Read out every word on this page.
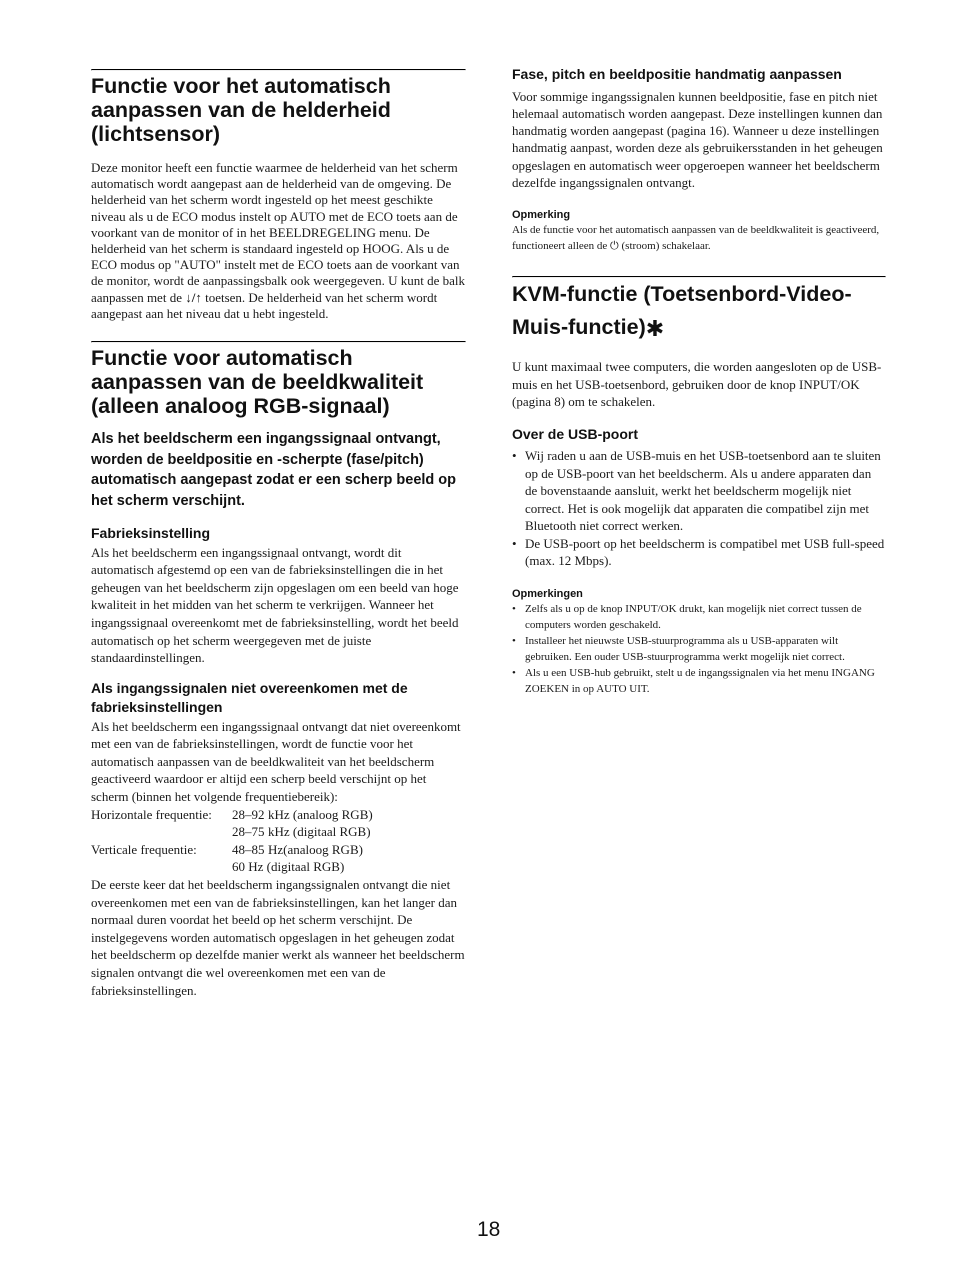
Functie voor het automatisch aanpassen van de helderheid (lichtsensor)

Deze monitor heeft een functie waarmee de helderheid van het scherm automatisch wordt aangepast aan de helderheid van de omgeving. De helderheid van het scherm wordt ingesteld op het meest geschikte niveau als u de ECO modus instelt op AUTO met de ECO toets aan de voorkant van de monitor of in het BEELDREGELING menu. De helderheid van het scherm is standaard ingesteld op HOOG. Als u de ECO modus op "AUTO" instelt met de ECO toets aan de voorkant van de monitor, wordt de aanpassingsbalk ook weergegeven. U kunt de balk aanpassen met de ↓/↑ toetsen. De helderheid van het scherm wordt aangepast aan het niveau dat u hebt ingesteld.

Functie voor automatisch aanpassen van de beeldkwaliteit (alleen analoog RGB-signaal)

Als het beeldscherm een ingangssignaal ontvangt, worden de beeldpositie en -scherpte (fase/pitch) automatisch aangepast zodat er een scherp beeld op het scherm verschijnt.

Fabrieksinstelling

Als het beeldscherm een ingangssignaal ontvangt, wordt dit automatisch afgestemd op een van de fabrieksinstellingen die in het geheugen van het beeldscherm zijn opgeslagen om een beeld van hoge kwaliteit in het midden van het scherm te verkrijgen. Wanneer het ingangssignaal overeenkomt met de fabrieksinstelling, wordt het beeld automatisch op het scherm weergegeven met de juiste standaardinstellingen.

Als ingangssignalen niet overeenkomen met de fabrieksinstellingen

Als het beeldscherm een ingangssignaal ontvangt dat niet overeenkomt met een van de fabrieksinstellingen, wordt de functie voor het automatisch aanpassen van de beeldkwaliteit van het beeldscherm geactiveerd waardoor er altijd een scherp beeld verschijnt op het scherm (binnen het volgende frequentiebereik):

Horizontale frequentie:	28–92 kHz (analoog RGB)
28–75 kHz (digitaal RGB)
Verticale frequentie:	48–85 Hz(analoog RGB)
60 Hz (digitaal RGB)

De eerste keer dat het beeldscherm ingangssignalen ontvangt die niet overeenkomen met een van de fabrieksinstellingen, kan het langer dan normaal duren voordat het beeld op het scherm verschijnt. De instelgegevens worden automatisch opgeslagen in het geheugen zodat het beeldscherm op dezelfde manier werkt als wanneer het beeldscherm signalen ontvangt die wel overeenkomen met een van de fabrieksinstellingen.

Fase, pitch en beeldpositie handmatig aanpassen

Voor sommige ingangssignalen kunnen beeldpositie, fase en pitch niet helemaal automatisch worden aangepast. Deze instellingen kunnen dan handmatig worden aangepast (pagina 16). Wanneer u deze instellingen handmatig aanpast, worden deze als gebruikersstanden in het geheugen opgeslagen en automatisch weer opgeroepen wanneer het beeldscherm dezelfde ingangssignalen ontvangt.

Opmerking

Als de functie voor het automatisch aanpassen van de beeldkwaliteit is geactiveerd, functioneert alleen de ⏻ (stroom) schakelaar.

KVM-functie (Toetsenbord-Video-Muis-functie)✱

U kunt maximaal twee computers, die worden aangesloten op de USB-muis en het USB-toetsenbord, gebruiken door de knop INPUT/OK (pagina 8) om te schakelen.

Over de USB-poort
• Wij raden u aan de USB-muis en het USB-toetsenbord aan te sluiten op de USB-poort van het beeldscherm. Als u andere apparaten dan de bovenstaande aansluit, werkt het beeldscherm mogelijk niet correct. Het is ook mogelijk dat apparaten die compatibel zijn met Bluetooth niet correct werken.
• De USB-poort op het beeldscherm is compatibel met USB full-speed (max. 12 Mbps).
Opmerkingen
• Zelfs als u op de knop INPUT/OK drukt, kan mogelijk niet correct tussen de computers worden geschakeld.
• Installeer het nieuwste USB-stuurprogramma als u USB-apparaten wilt gebruiken. Een ouder USB-stuurprogramma werkt mogelijk niet correct.
• Als u een USB-hub gebruikt, stelt u de ingangssignalen via het menu INGANG ZOEKEN in op AUTO UIT.
18
